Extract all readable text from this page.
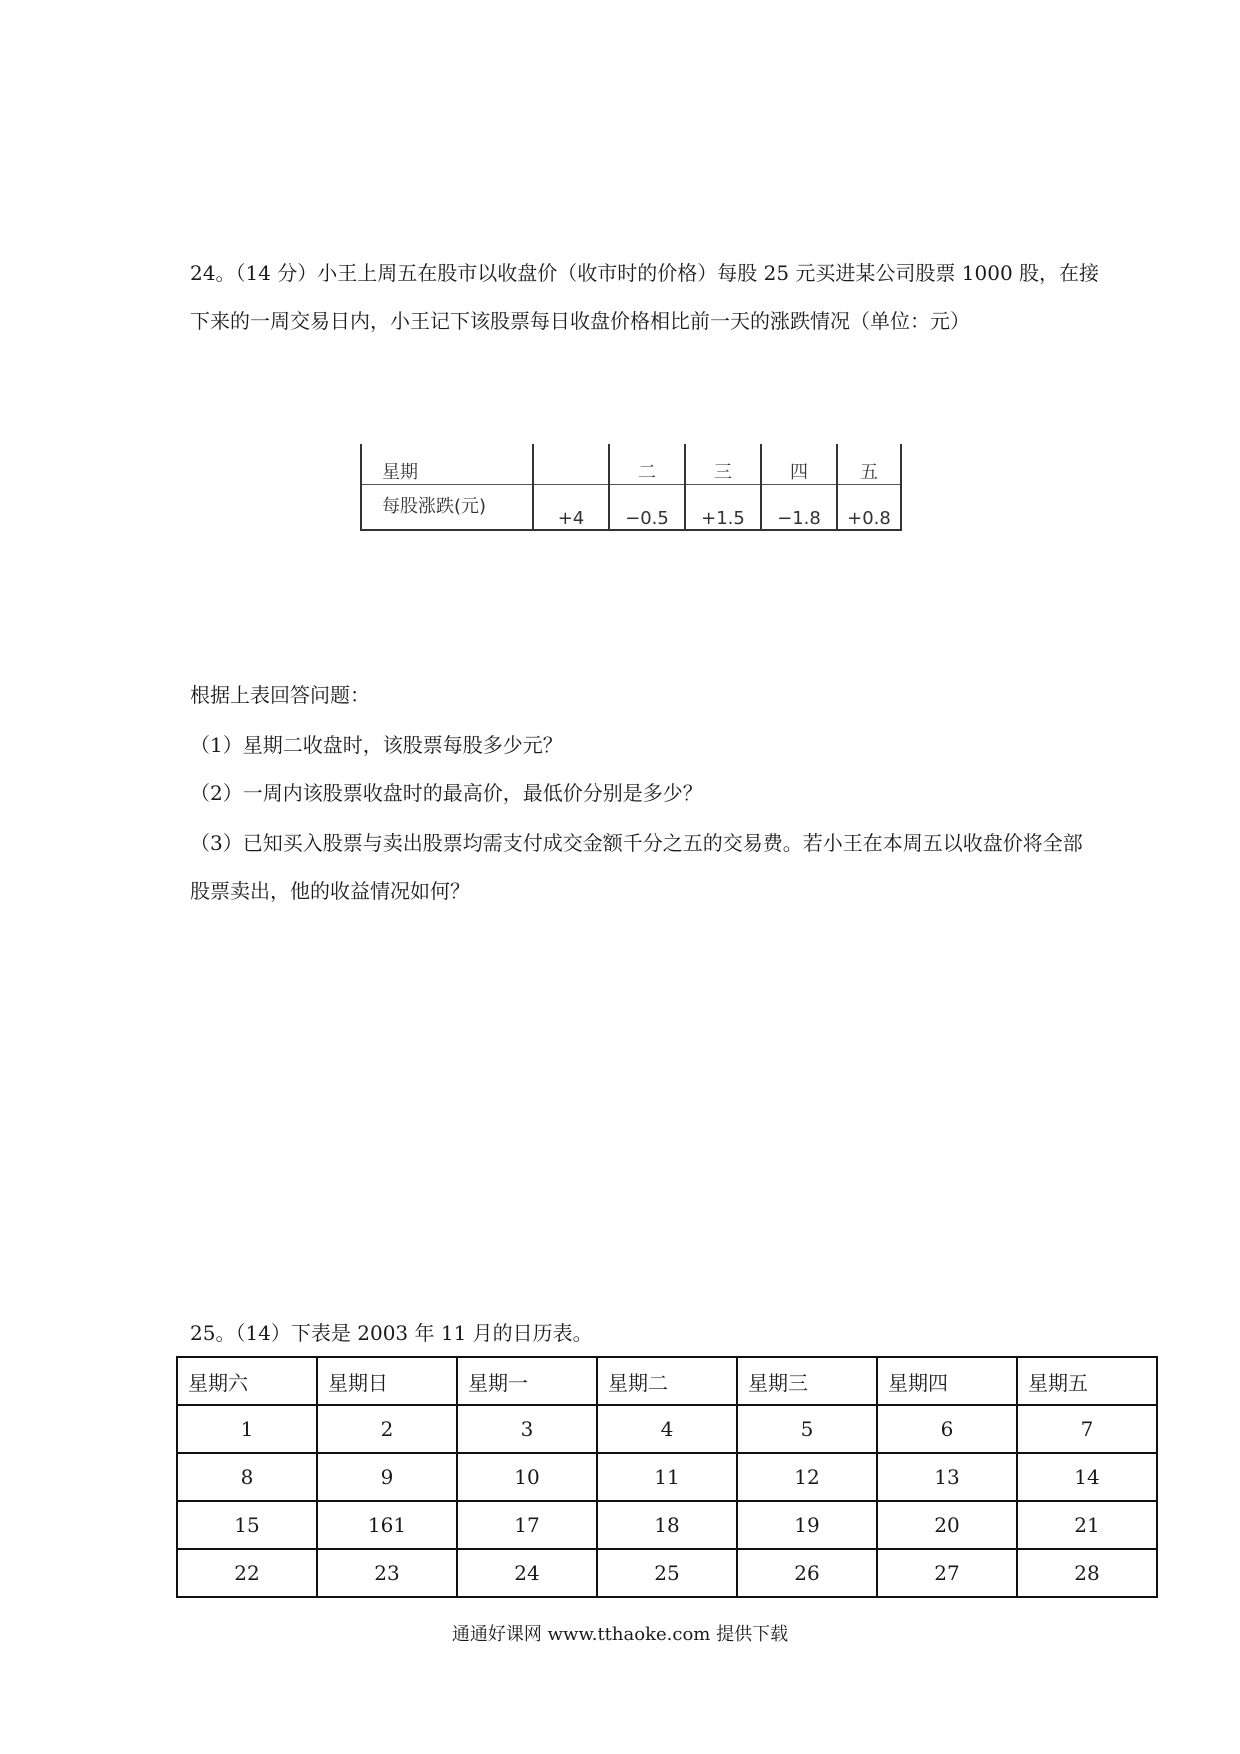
24。（14 分）小王上周五在股市以收盘价（收市时的价格）每股 25 元买进某公司股票 1000 股，在接
下来的一周交易日内，小王记下该股票每日收盘价格相比前一天的涨跌情况（单位：元）
星期		二	三	四	五
每股涨跌(元)	+4	−0.5	+1.5	−1.8	+0.8
根据上表回答问题：
（1）星期二收盘时，该股票每股多少元？
（2）一周内该股票收盘时的最高价，最低价分别是多少？
（3）已知买入股票与卖出股票均需支付成交金额千分之五的交易费。若小王在本周五以收盘价将全部
股票卖出，他的收益情况如何？
25。（14）下表是 2003 年 11 月的日历表。
星期六	星期日	星期一	星期二	星期三	星期四	星期五
1	2	3	4	5	6	7
8	9	10	11	12	13	14
15	161	17	18	19	20	21
22	23	24	25	26	27	28
通通好课网 www.tthaoke.com 提供下载
